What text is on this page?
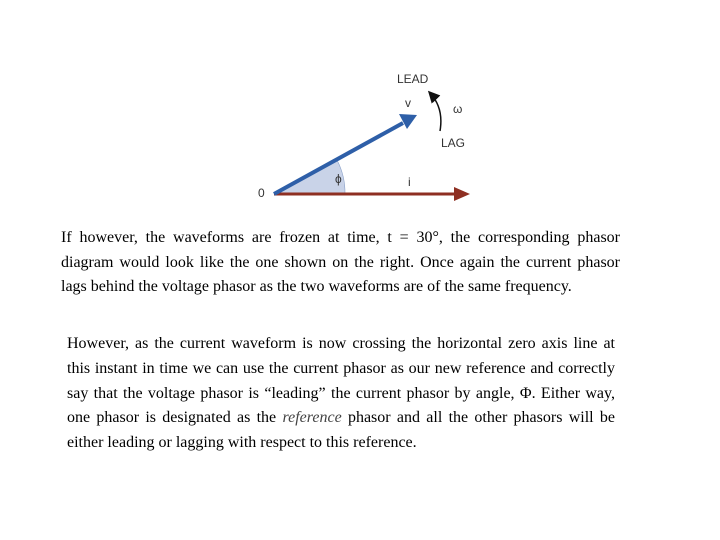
LEAD
LAG
ω
v
i
ϕ
0

If however, the waveforms are frozen at time, t = 30°, the corresponding phasor diagram would look like the one shown on the right. Once again the current phasor lags behind the voltage phasor as the two waveforms are of the same frequency.

However, as the current waveform is now crossing the horizontal zero axis line at this instant in time we can use the current phasor as our new reference and correctly say that the voltage phasor is “leading” the current phasor by angle, Φ. Either way, one phasor is designated as the reference phasor and all the other phasors will be either leading or lagging with respect to this reference.
